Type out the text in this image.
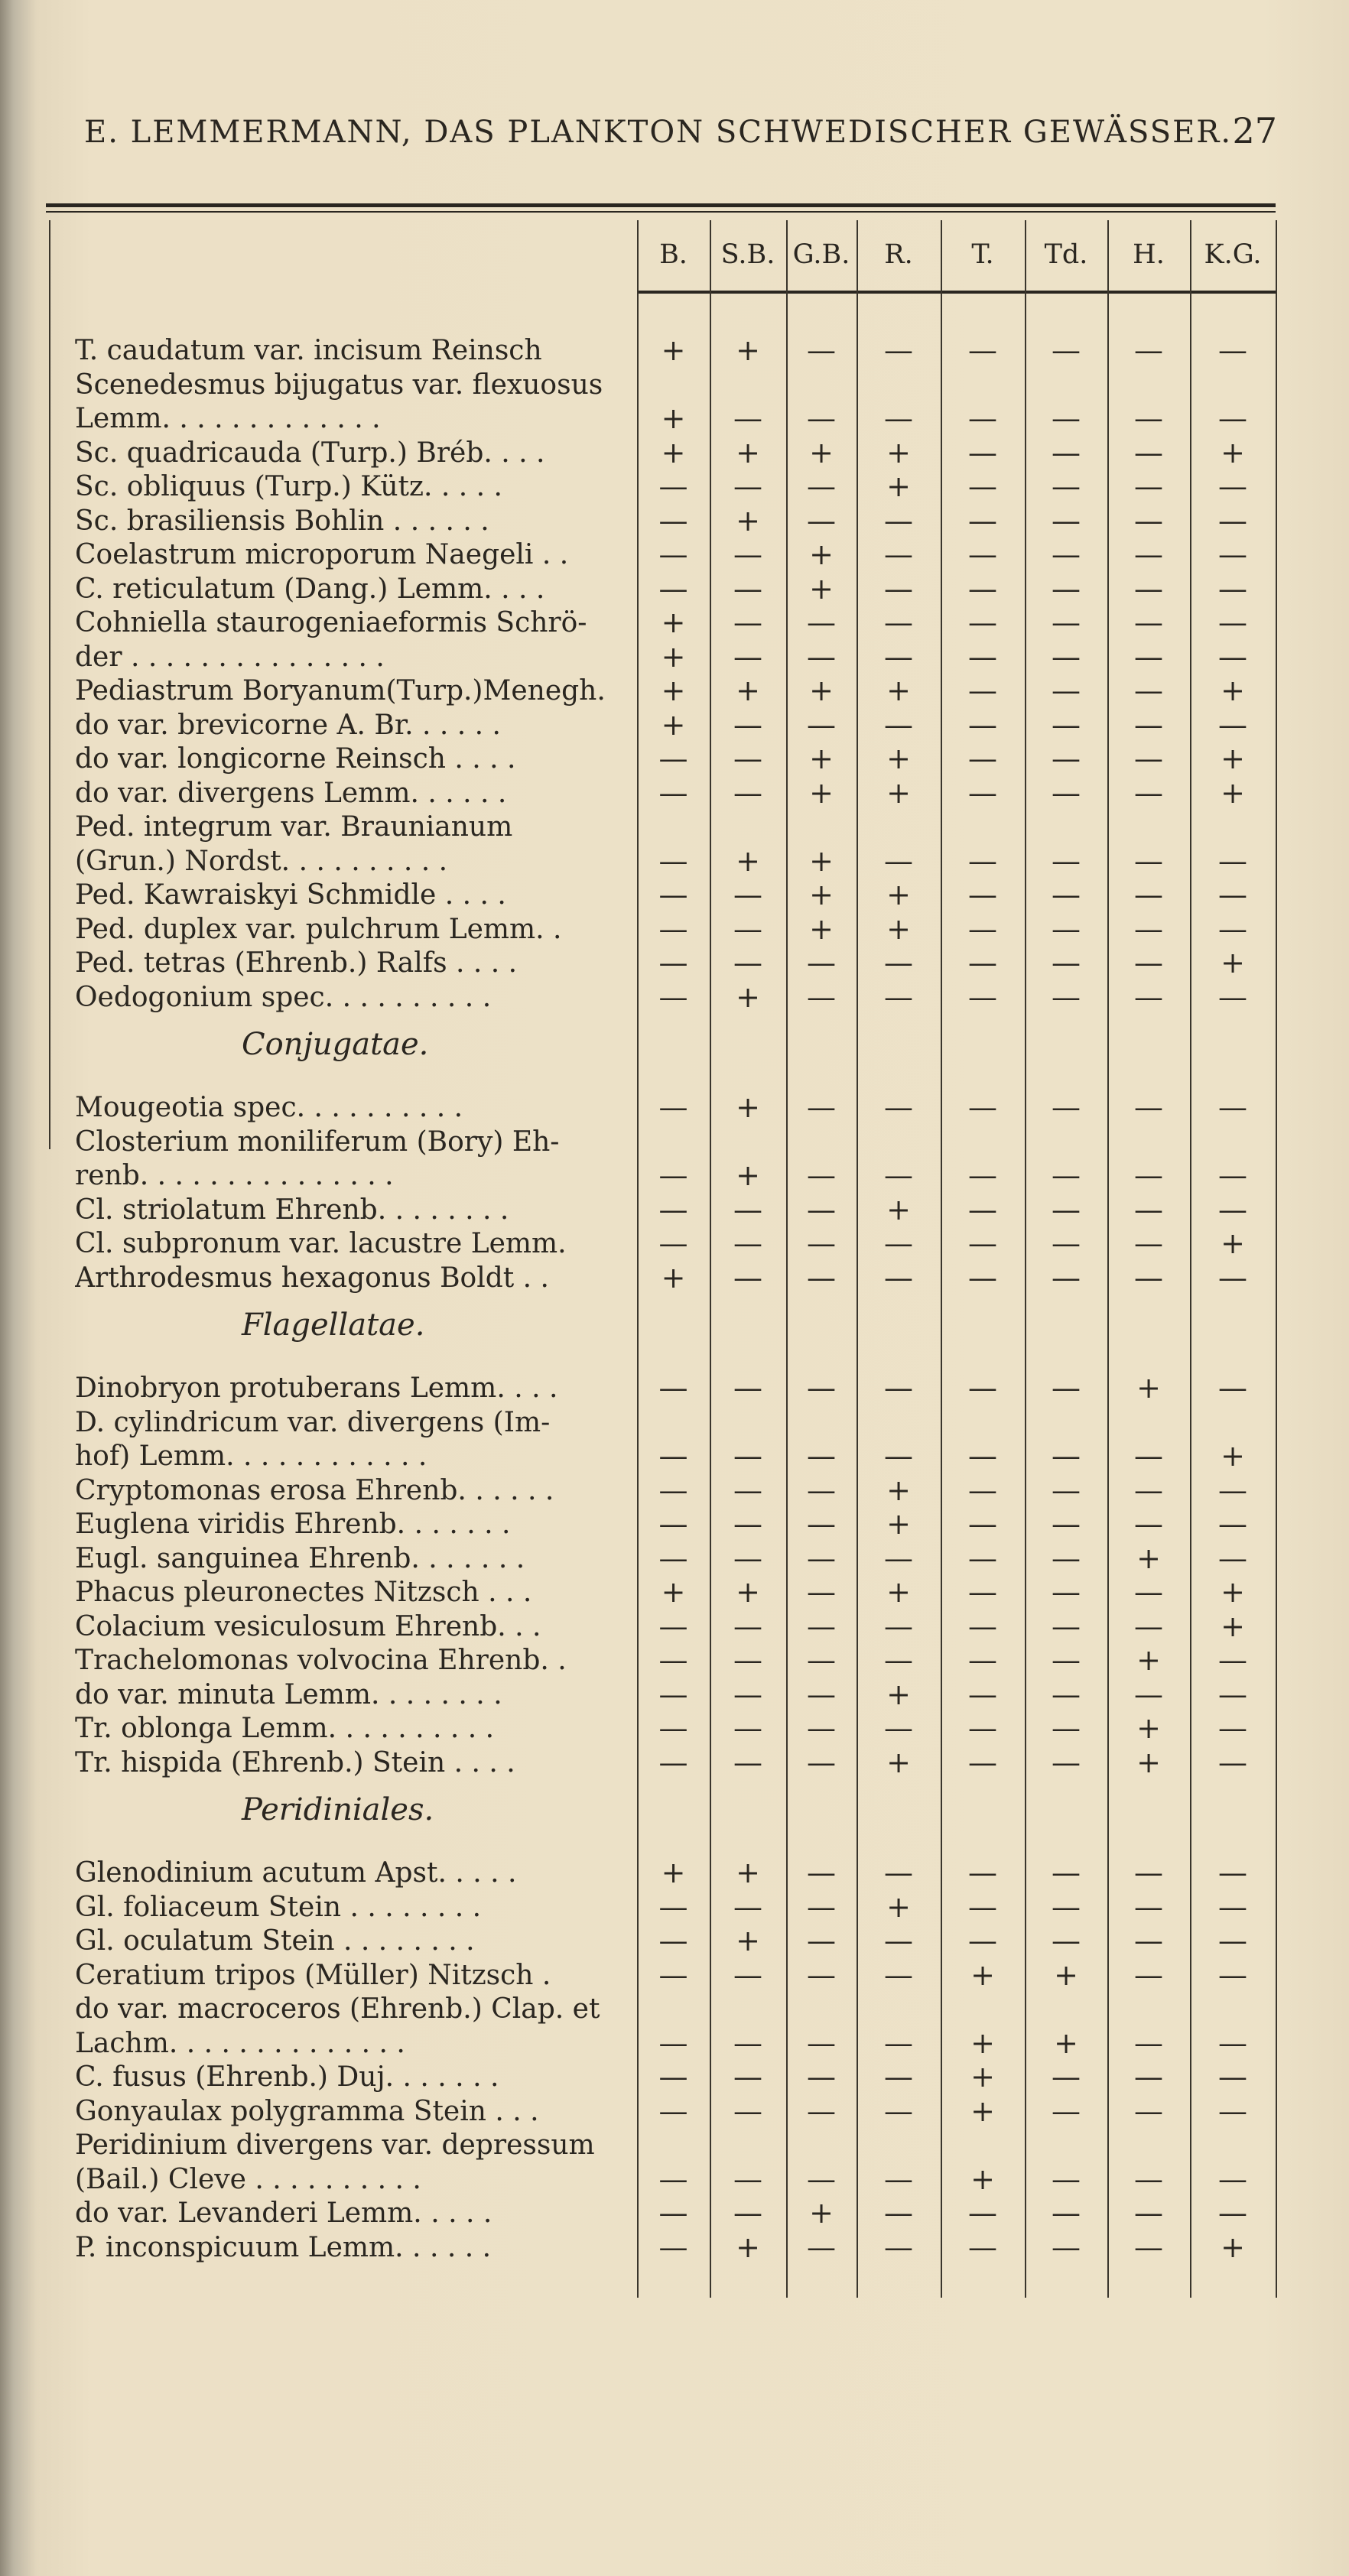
E. LEMMERMANN, DAS PLANKTON SCHWEDISCHER GEWÄSSER. 27
B.	S.B. G.B.	R.	T.	Td.	H.	K.G.
T. caudatum var. incisum Reinsch	+	+	—	—	—	—	—	—
Scenedesmus bijugatus var. flexuosus
Lemm. . . . . . . . . . . . .	+	—	—	—	—	—	—	—
Sc. quadricauda (Turp.) Bréb. . . .	+	+	+	+	—	—	—	+
Sc. obliquus (Turp.) Kütz. . . . .	—	—	—	+	—	—	—	—
Sc. brasiliensis Bohlin . . . . . .	—	+	—	—	—	—	—	—
Coelastrum microporum Naegeli . .	—	—	+	—	—	—	—	—
C. reticulatum (Dang.) Lemm. . . .	—	—	+	—	—	—	—	—
Cohniella staurogeniaeformis Schrö-	+	—	—	—	—	—	—	—
der . . . . . . . . . . . . . . .	+	—	—	—	—	—	—	—
Pediastrum Boryanum(Turp.)Menegh.	+	+	+	+	—	—	—	+
do var. brevicorne A. Br. . . . . .	+	—	—	—	—	—	—	—
do var. longicorne Reinsch . . . .	—	—	+	+	—	—	—	+
do var. divergens Lemm. . . . . .	—	—	+	+	—	—	—	+
Ped. integrum var. Braunianum
(Grun.) Nordst. . . . . . . . . .	—	+	+	—	—	—	—	—
Ped. Kawraiskyi Schmidle . . . .	—	—	+	+	—	—	—	—
Ped. duplex var. pulchrum Lemm. .	—	—	+	+	—	—	—	—
Ped. tetras (Ehrenb.) Ralfs . . . .	—	—	—	—	—	—	—	+
Oedogonium spec. . . . . . . . . .	—	+	—	—	—	—	—	—
Conjugatae.
Mougeotia spec. . . . . . . . . .	—	+	—	—	—	—	—	—
Closterium moniliferum (Bory) Eh-
renb. . . . . . . . . . . . . . .	—	+	—	—	—	—	—	—
Cl. striolatum Ehrenb. . . . . . . .	—	—	—	+	—	—	—	—
Cl. subpronum var. lacustre Lemm.	—	—	—	—	—	—	—	+
Arthrodesmus hexagonus Boldt . .	+	—	—	—	—	—	—	—
Flagellatae.
Dinobryon protuberans Lemm. . . .	—	—	—	—	—	—	+	—
D. cylindricum var. divergens (Im-
hof) Lemm. . . . . . . . . . . .	—	—	—	—	—	—	—	+
Cryptomonas erosa Ehrenb. . . . . .	—	—	—	+	—	—	—	—
Euglena viridis Ehrenb. . . . . . .	—	—	—	+	—	—	—	—
Eugl. sanguinea Ehrenb. . . . . . .	—	—	—	—	—	—	+	—
Phacus pleuronectes Nitzsch . . .	+	+	—	+	—	—	—	+
Colacium vesiculosum Ehrenb. . .	—	—	—	—	—	—	—	+
Trachelomonas volvocina Ehrenb. .	—	—	—	—	—	—	+	—
do var. minuta Lemm. . . . . . . .	—	—	—	+	—	—	—	—
Tr. oblonga Lemm. . . . . . . . . .	—	—	—	—	—	—	+	—
Tr. hispida (Ehrenb.) Stein . . . .	—	—	—	+	—	—	+	—
Peridiniales.
Glenodinium acutum Apst. . . . .	+	+	—	—	—	—	—	—
Gl. foliaceum Stein . . . . . . . .	—	—	—	+	—	—	—	—
Gl. oculatum Stein . . . . . . . .	—	+	—	—	—	—	—	—
Ceratium tripos (Müller) Nitzsch .	—	—	—	—	+	+	—	—
do var. macroceros (Ehrenb.) Clap. et
Lachm. . . . . . . . . . . . . .	—	—	—	—	+	+	—	—
C. fusus (Ehrenb.) Duj. . . . . . .	—	—	—	—	+	—	—	—
Gonyaulax polygramma Stein . . .	—	—	—	—	+	—	—	—
Peridinium divergens var. depressum
(Bail.) Cleve . . . . . . . . . .	—	—	—	—	+	—	—	—
do var. Levanderi Lemm. . . . .	—	—	+	—	—	—	—	—
P. inconspicuum Lemm. . . . . .	—	+	—	—	—	—	—	+
